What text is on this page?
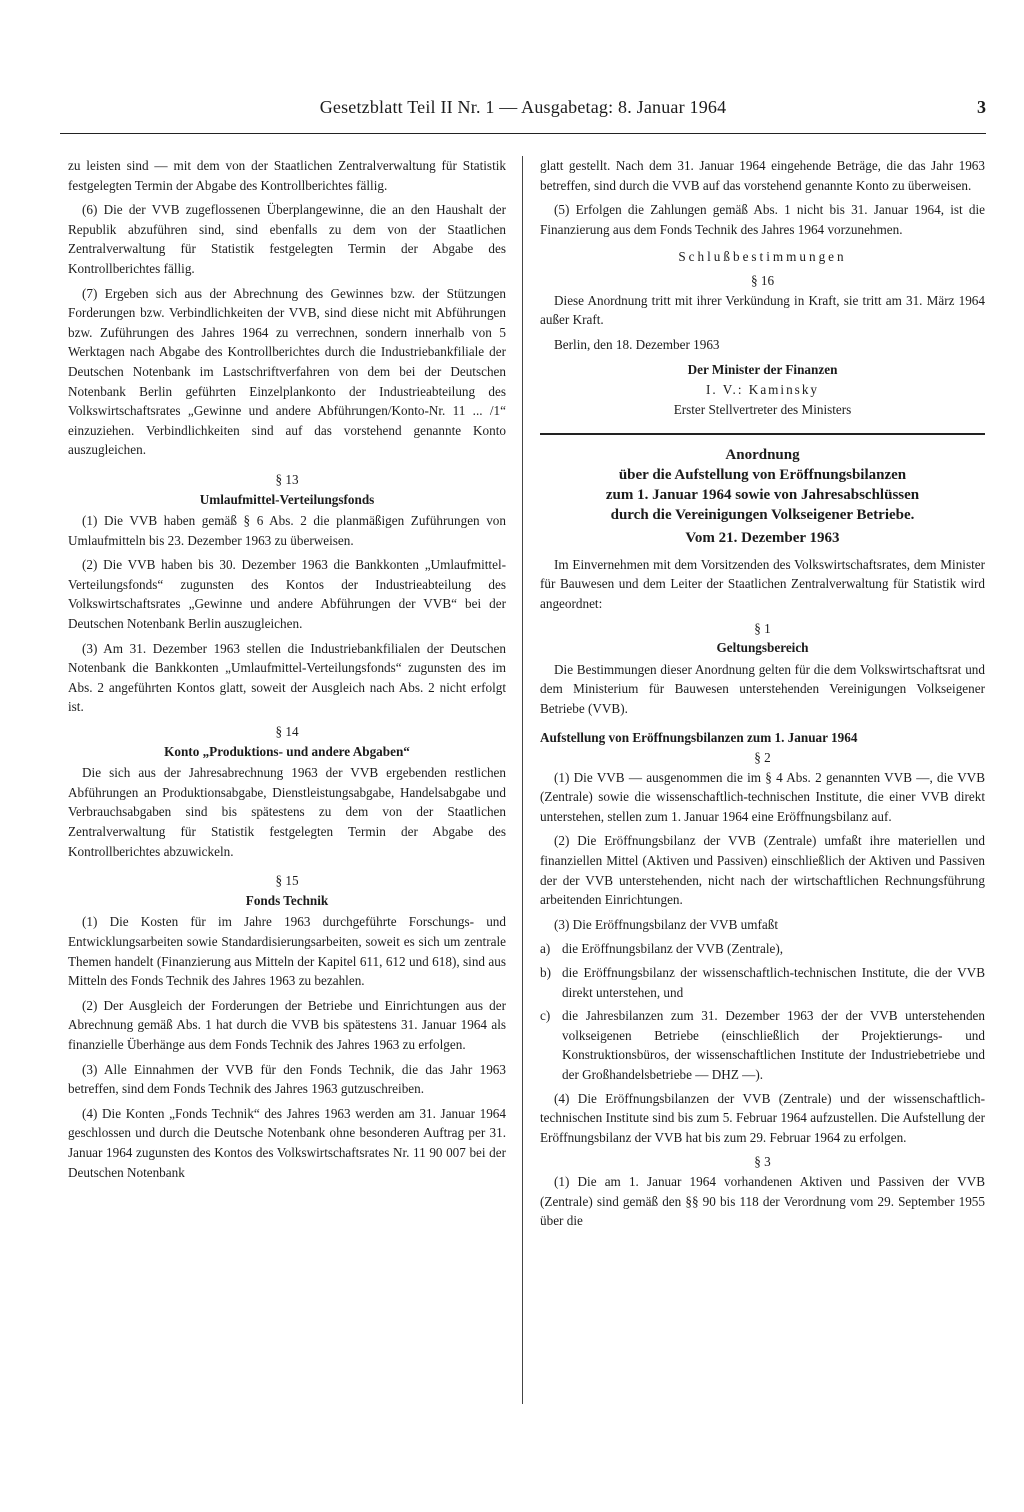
Gesetzblatt Teil II Nr. 1 — Ausgabetag: 8. Januar 1964	3

zu leisten sind — mit dem von der Staatlichen Zentralverwaltung für Statistik festgelegten Termin der Abgabe des Kontrollberichtes fällig.

(6) Die der VVB zugeflossenen Überplangewinne, die an den Haushalt der Republik abzuführen sind, sind ebenfalls zu dem von der Staatlichen Zentralverwaltung für Statistik festgelegten Termin der Abgabe des Kontrollberichtes fällig.

(7) Ergeben sich aus der Abrechnung des Gewinnes bzw. der Stützungen Forderungen bzw. Verbindlichkeiten der VVB, sind diese nicht mit Abführungen bzw. Zuführungen des Jahres 1964 zu verrechnen, sondern innerhalb von 5 Werktagen nach Abgabe des Kontrollberichtes durch die Industriebankfiliale der Deutschen Notenbank im Lastschriftverfahren von dem bei der Deutschen Notenbank Berlin geführten Einzelplankonto der Industrieabteilung des Volkswirtschaftsrates „Gewinne und andere Abführungen/Konto-Nr. 11 ... /1“ einzuziehen. Verbindlichkeiten sind auf das vorstehend genannte Konto auszugleichen.

§ 13

Umlaufmittel-Verteilungsfonds

(1) Die VVB haben gemäß § 6 Abs. 2 die planmäßigen Zuführungen von Umlaufmitteln bis 23. Dezember 1963 zu überweisen.

(2) Die VVB haben bis 30. Dezember 1963 die Bankkonten „Umlaufmittel-Verteilungsfonds“ zugunsten des Kontos der Industrieabteilung des Volkswirtschaftsrates „Gewinne und andere Abführungen der VVB“ bei der Deutschen Notenbank Berlin auszugleichen.

(3) Am 31. Dezember 1963 stellen die Industriebankfilialen der Deutschen Notenbank die Bankkonten „Umlaufmittel-Verteilungsfonds“ zugunsten des im Abs. 2 angeführten Kontos glatt, soweit der Ausgleich nach Abs. 2 nicht erfolgt ist.

§ 14

Konto „Produktions- und andere Abgaben“

Die sich aus der Jahresabrechnung 1963 der VVB ergebenden restlichen Abführungen an Produktionsabgabe, Dienstleistungsabgabe, Handelsabgabe und Verbrauchsabgaben sind bis spätestens zu dem von der Staatlichen Zentralverwaltung für Statistik festgelegten Termin der Abgabe des Kontrollberichtes abzuwickeln.

§ 15

Fonds Technik

(1) Die Kosten für im Jahre 1963 durchgeführte Forschungs- und Entwicklungsarbeiten sowie Standardisierungsarbeiten, soweit es sich um zentrale Themen handelt (Finanzierung aus Mitteln der Kapitel 611, 612 und 618), sind aus Mitteln des Fonds Technik des Jahres 1963 zu bezahlen.

(2) Der Ausgleich der Forderungen der Betriebe und Einrichtungen aus der Abrechnung gemäß Abs. 1 hat durch die VVB bis spätestens 31. Januar 1964 als finanzielle Überhänge aus dem Fonds Technik des Jahres 1963 zu erfolgen.

(3) Alle Einnahmen der VVB für den Fonds Technik, die das Jahr 1963 betreffen, sind dem Fonds Technik des Jahres 1963 gutzuschreiben.

(4) Die Konten „Fonds Technik“ des Jahres 1963 werden am 31. Januar 1964 geschlossen und durch die Deutsche Notenbank ohne besonderen Auftrag per 31. Januar 1964 zugunsten des Kontos des Volkswirtschaftsrates Nr. 11 90 007 bei der Deutschen Notenbank

glatt gestellt. Nach dem 31. Januar 1964 eingehende Beträge, die das Jahr 1963 betreffen, sind durch die VVB auf das vorstehend genannte Konto zu überweisen.

(5) Erfolgen die Zahlungen gemäß Abs. 1 nicht bis 31. Januar 1964, ist die Finanzierung aus dem Fonds Technik des Jahres 1964 vorzunehmen.

Schlußbestimmungen

§ 16

Diese Anordnung tritt mit ihrer Verkündung in Kraft, sie tritt am 31. März 1964 außer Kraft.

Berlin, den 18. Dezember 1963

Der Minister der Finanzen

I. V.: Kaminsky

Erster Stellvertreter des Ministers

Anordnung

über die Aufstellung von Eröffnungsbilanzen

zum 1. Januar 1964 sowie von Jahresabschlüssen

durch die Vereinigungen Volkseigener Betriebe.

Vom 21. Dezember 1963

Im Einvernehmen mit dem Vorsitzenden des Volkswirtschaftsrates, dem Minister für Bauwesen und dem Leiter der Staatlichen Zentralverwaltung für Statistik wird angeordnet:

§ 1

Geltungsbereich

Die Bestimmungen dieser Anordnung gelten für die dem Volkswirtschaftsrat und dem Ministerium für Bauwesen unterstehenden Vereinigungen Volkseigener Betriebe (VVB).

Aufstellung von Eröffnungsbilanzen zum 1. Januar 1964

§ 2

(1) Die VVB — ausgenommen die im § 4 Abs. 2 genannten VVB —, die VVB (Zentrale) sowie die wissenschaftlich-technischen Institute, die einer VVB direkt unterstehen, stellen zum 1. Januar 1964 eine Eröffnungsbilanz auf.

(2) Die Eröffnungsbilanz der VVB (Zentrale) umfaßt ihre materiellen und finanziellen Mittel (Aktiven und Passiven) einschließlich der Aktiven und Passiven der der VVB unterstehenden, nicht nach der wirtschaftlichen Rechnungsführung arbeitenden Einrichtungen.

(3) Die Eröffnungsbilanz der VVB umfaßt

a) die Eröffnungsbilanz der VVB (Zentrale),
b) die Eröffnungsbilanz der wissenschaftlich-technischen Institute, die der VVB direkt unterstehen, und
c) die Jahresbilanzen zum 31. Dezember 1963 der der VVB unterstehenden volkseigenen Betriebe (einschließlich der Projektierungs- und Konstruktionsbüros, der wissenschaftlichen Institute der Industriebetriebe und der Großhandelsbetriebe — DHZ —).

(4) Die Eröffnungsbilanzen der VVB (Zentrale) und der wissenschaftlich-technischen Institute sind bis zum 5. Februar 1964 aufzustellen. Die Aufstellung der Eröffnungsbilanz der VVB hat bis zum 29. Februar 1964 zu erfolgen.

§ 3

(1) Die am 1. Januar 1964 vorhandenen Aktiven und Passiven der VVB (Zentrale) sind gemäß den §§ 90 bis 118 der Verordnung vom 29. September 1955 über die
